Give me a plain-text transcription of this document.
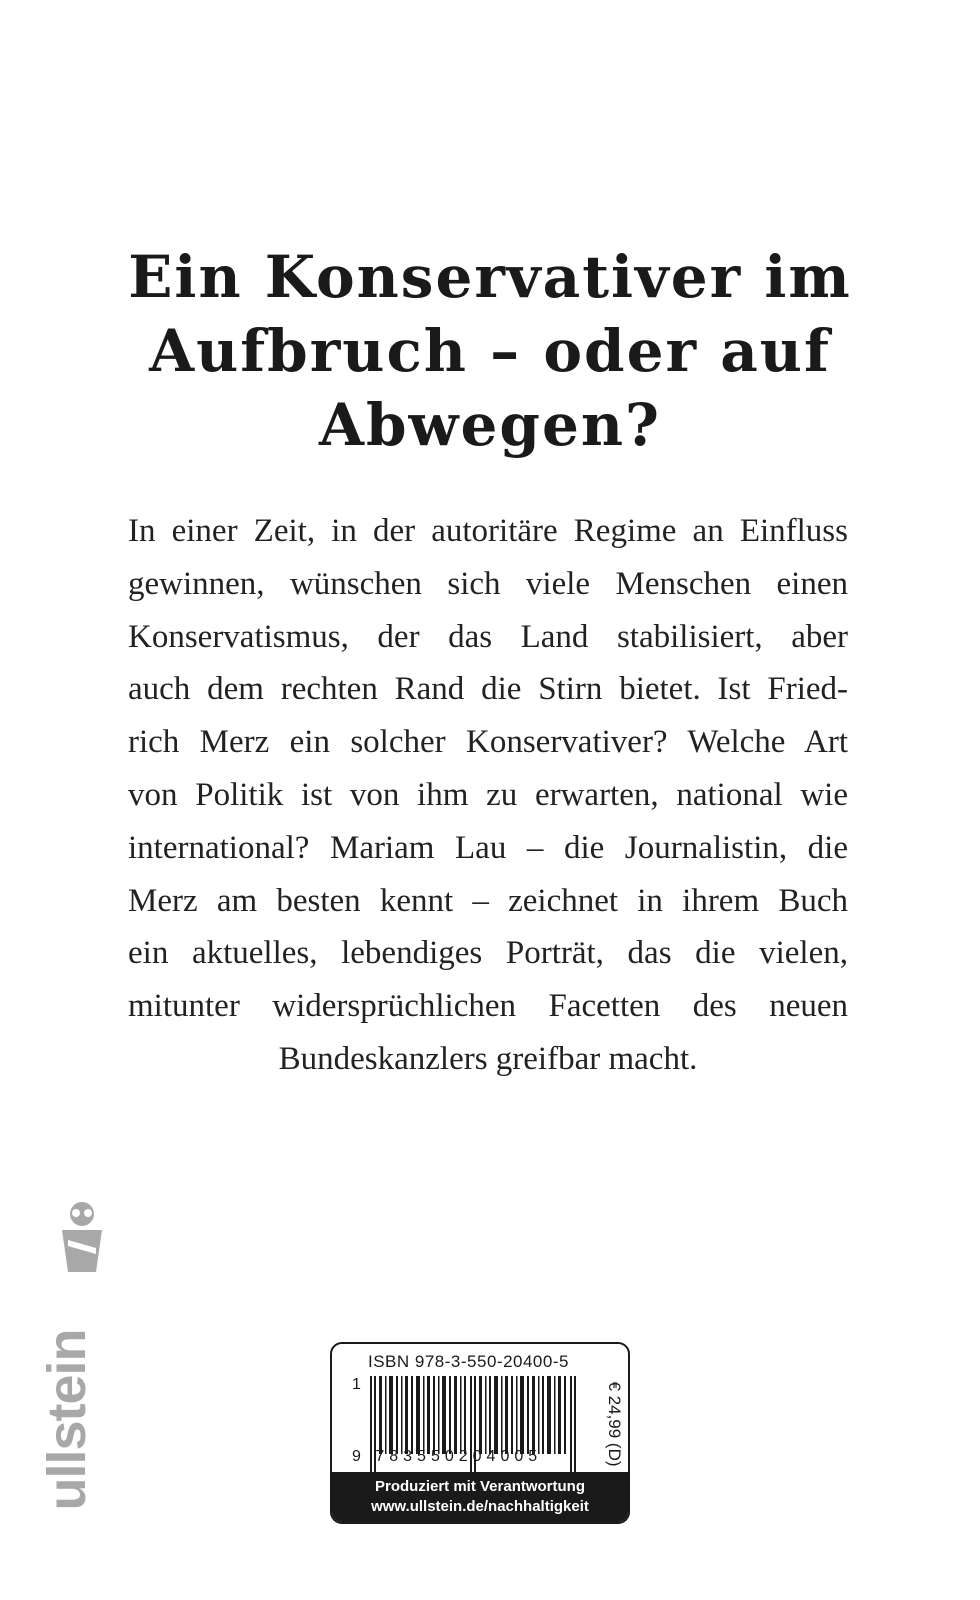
Ein Konservativer im
Aufbruch – oder auf
Abwegen?
In einer Zeit, in der autoritäre Regime an Einfluss
gewinnen, wünschen sich viele Menschen einen
Konservatismus, der das Land stabilisiert, aber
auch dem rechten Rand die Stirn bietet. Ist Fried-
rich Merz ein solcher Konservativer? Welche Art
von Politik ist von ihm zu erwarten, national wie
international? Mariam Lau – die Journalistin, die
Merz am besten kennt – zeichnet in ihrem Buch
ein aktuelles, lebendiges Porträt, das die vielen,
mitunter widersprüchlichen Facetten des neuen
Bundeskanzlers greifbar macht.
ullstein	ISBN 978-3-550-20400-5
1
9 783550204005	€ 24,99 (D)
Produziert mit Verantwortung
www.ullstein.de/nachhaltigkeit
